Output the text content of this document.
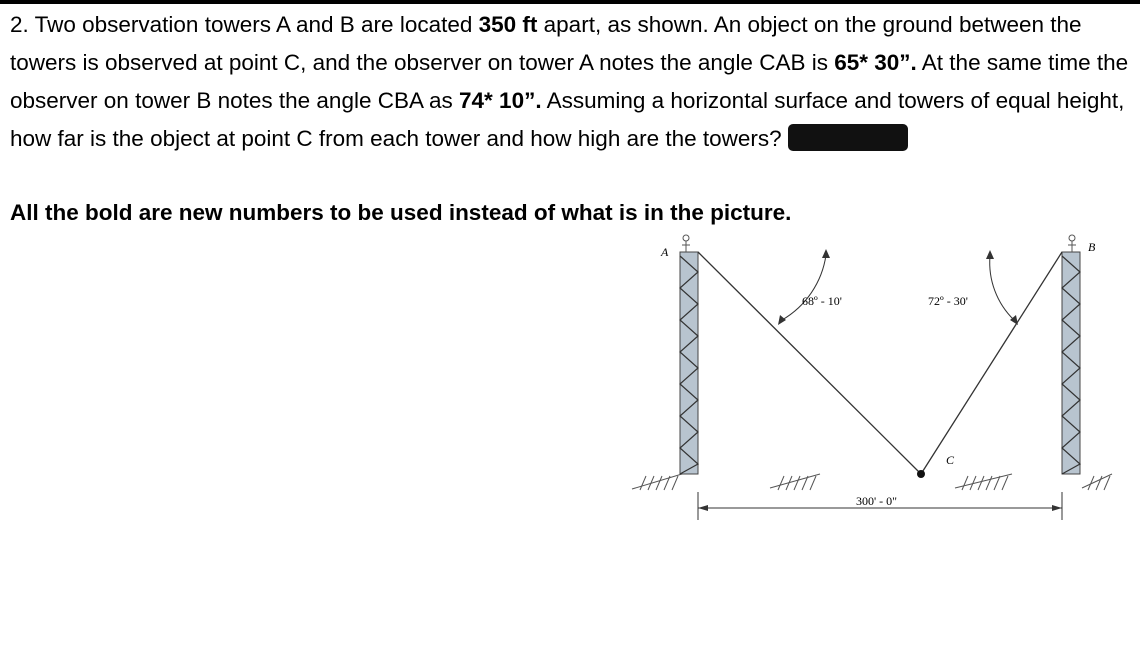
2. Two observation towers A and B are located 350 ft apart, as shown. An object on the ground between the towers is observed at point C, and the observer on tower A notes the angle CAB is 65* 30”. At the same time the observer on tower B notes the angle CBA as 74* 10”. Assuming a horizontal surface and towers of equal height, how far is the object at point C from each tower and how high are the towers?
All the bold are new numbers to be used instead of what is in the picture.
A	B
C
68º - 10'	72º - 30'
300' - 0"
